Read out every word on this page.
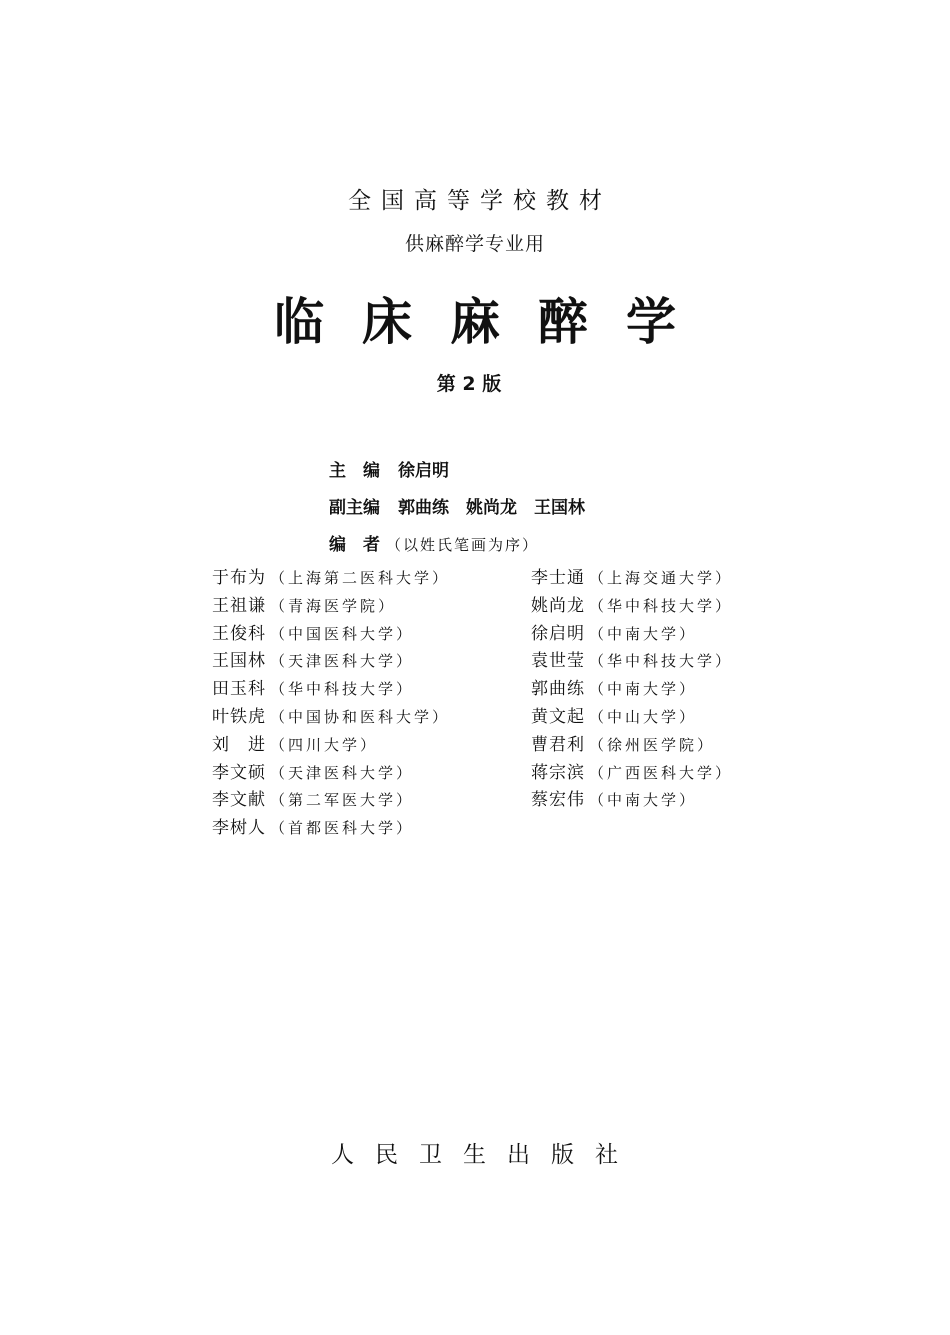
全国高等学校教材
供麻醉学专业用
临床麻醉学
第 2 版
主　编 徐启明
副主编 郭曲练　姚尚龙　王国林
编　者 （以姓氏笔画为序）
于布为 （上海第二医科大学）
王祖谦 （青海医学院）
王俊科 （中国医科大学）
王国林 （天津医科大学）
田玉科 （华中科技大学）
叶铁虎 （中国协和医科大学）
刘　进 （四川大学）
李文硕 （天津医科大学）
李文献 （第二军医大学）
李树人 （首都医科大学）
李士通 （上海交通大学）
姚尚龙 （华中科技大学）
徐启明 （中南大学）
袁世莹 （华中科技大学）
郭曲练 （中南大学）
黄文起 （中山大学）
曹君利 （徐州医学院）
蒋宗滨 （广西医科大学）
蔡宏伟 （中南大学）
人民卫生出版社
